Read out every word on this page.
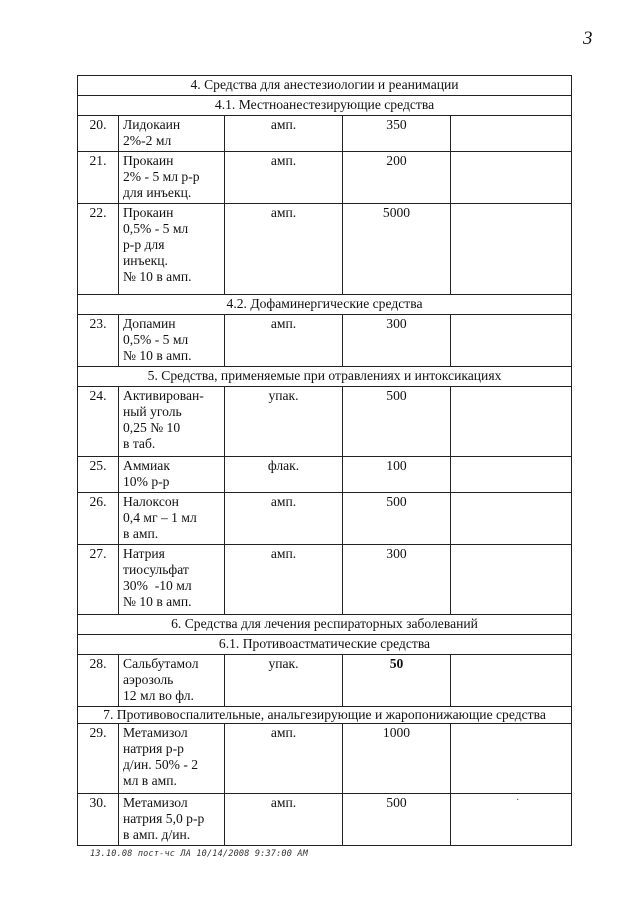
3
4. Средства для анестезиологии и реанимации				
4.1. Местноанестезирующие средства				
20.	Лидокаин
2%-2 мл	амп.	350	
21.	Прокаин
2% - 5 мл р-р
для инъекц.	амп.	200	
22.	Прокаин
0,5% - 5 мл
р-р для
инъекц.
№ 10 в амп.	амп.	5000	
4.2. Дофаминергические средства				
23.	Допамин
0,5% - 5 мл
№ 10 в амп.	амп.	300	
5. Средства, применяемые при отравлениях и интоксикациях				
24.	Активирован-
ный уголь
0,25 № 10
в таб.	упак.	500	
25.	Аммиак
10% р-р	флак.	100	
26.	Налоксон
0,4 мг – 1 мл
в амп.	амп.	500	
27.	Натрия
тиосульфат
30%  -10 мл
№ 10 в амп.	амп.	300	
6. Средства для лечения респираторных заболеваний				
6.1. Противоастматические средства				
28.	Сальбутамол
аэрозоль
12 мл во фл.	упак.	50	
7. Противовоспалительные, анальгезирующие и жаропонижающие средства				
29.	Метамизол
натрия р-р
д/ин. 50% - 2
мл в амп.	амп.	1000	
30.	Метамизол
натрия 5,0 р-р
в амп. д/ин.	амп.	500		·
13.10.08 пост-чс ЛА 10/14/2008 9:37:00 AM
